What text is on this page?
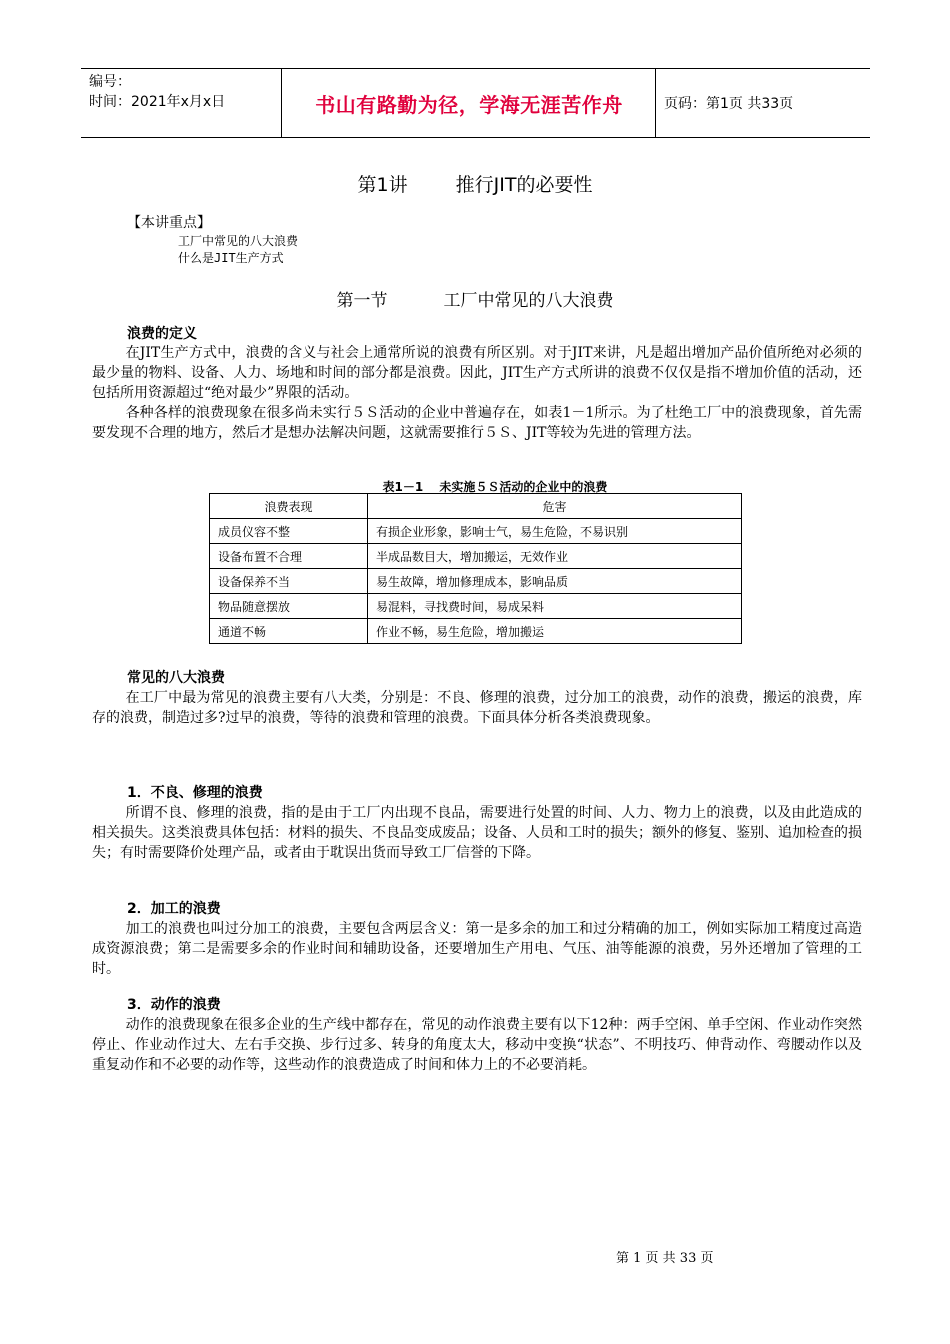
编号：
时间：2021年x月x日	书山有路勤为径，学海无涯苦作舟	页码：第1页 共33页
第1讲	推行JIT的必要性
【本讲重点】
工厂中常见的八大浪费
什么是JIT生产方式
第一节	工厂中常见的八大浪费
浪费的定义

在JIT生产方式中，浪费的含义与社会上通常所说的浪费有所区别。对于JIT来讲，凡是超出增加产品价值所绝对必须的最少量的物料、设备、人力、场地和时间的部分都是浪费。因此，JIT生产方式所讲的浪费不仅仅是指不增加价值的活动，还包括所用资源超过“绝对最少”界限的活动。

各种各样的浪费现象在很多尚未实行５Ｓ活动的企业中普遍存在，如表1－1所示。为了杜绝工厂中的浪费现象，首先需要发现不合理的地方，然后才是想办法解决问题，这就需要推行５Ｓ、JIT等较为先进的管理方法。

表1－1　 未实施５Ｓ活动的企业中的浪费
浪费表现	危害
成员仪容不整	有损企业形象，影响士气，易生危险，不易识别
设备布置不合理	半成品数目大，增加搬运，无效作业
设备保养不当	易生故障，增加修理成本，影响品质
物品随意摆放	易混料，寻找费时间，易成呆料
通道不畅	作业不畅，易生危险，增加搬运
常见的八大浪费

在工厂中最为常见的浪费主要有八大类，分别是：不良、修理的浪费，过分加工的浪费，动作的浪费，搬运的浪费，库存的浪费，制造过多?过早的浪费，等待的浪费和管理的浪费。下面具体分析各类浪费现象。

1．不良、修理的浪费

所谓不良、修理的浪费，指的是由于工厂内出现不良品，需要进行处置的时间、人力、物力上的浪费，以及由此造成的相关损失。这类浪费具体包括：材料的损失、不良品变成废品；设备、人员和工时的损失；额外的修复、鉴别、追加检查的损失；有时需要降价处理产品，或者由于耽误出货而导致工厂信誉的下降。

2．加工的浪费

加工的浪费也叫过分加工的浪费，主要包含两层含义：第一是多余的加工和过分精确的加工，例如实际加工精度过高造成资源浪费；第二是需要多余的作业时间和辅助设备，还要增加生产用电、气压、油等能源的浪费，另外还增加了管理的工时。

3．动作的浪费

动作的浪费现象在很多企业的生产线中都存在，常见的动作浪费主要有以下12种：两手空闲、单手空闲、作业动作突然停止、作业动作过大、左右手交换、步行过多、转身的角度太大，移动中变换“状态”、不明技巧、伸背动作、弯腰动作以及重复动作和不必要的动作等，这些动作的浪费造成了时间和体力上的不必要消耗。

第 1 页 共 33 页
